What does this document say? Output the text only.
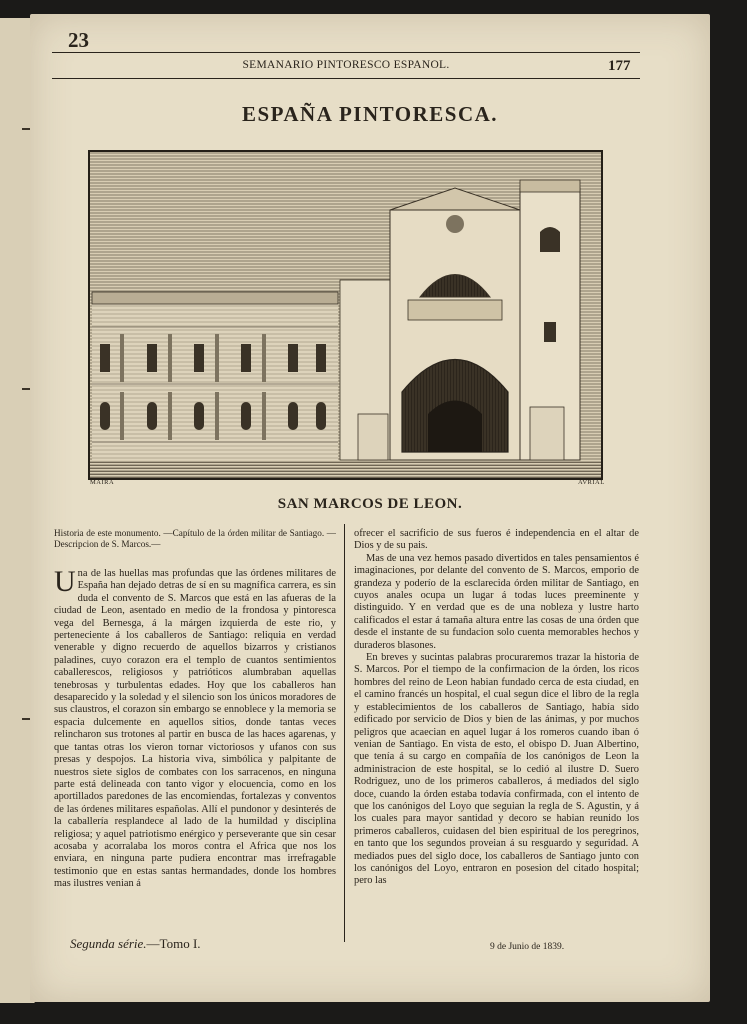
23
SEMANARIO PINTORESCO ESPANOL.	177
ESPAÑA PINTORESCA.
MAIRA	AVRIAL
SAN MARCOS DE LEON.

Historia de este monumento. —Capítulo de la órden militar de Santiago. —Descripcion de S. Marcos.—

Una de las huellas mas profundas que las órdenes militares de España han dejado detras de sí en su magnífica carrera, es sin duda el convento de S. Marcos que está en las afueras de la ciudad de Leon, asentado en medio de la frondosa y pintoresca vega del Bernesga, á la márgen izquierda de este rio, y perteneciente á los caballeros de Santiago: reliquia en verdad venerable y digno recuerdo de aquellos bizarros y cristianos paladines, cuyo corazon era el templo de cuantos sentimientos caballerescos, religiosos y patrióticos alumbraban aquellas tenebrosas y turbulentas edades. Hoy que los caballeros han desaparecido y la soledad y el silencio son los únicos moradores de sus claustros, el corazon sin embargo se ennoblece y la memoria se espacia dulcemente en aquellos sitios, donde tantas veces relincharon sus trotones al partir en busca de las haces agarenas, y que tantas otras los vieron tornar victoriosos y ufanos con sus presas y despojos. La historia viva, simbólica y palpitante de nuestros siete siglos de combates con los sarracenos, en ninguna parte está delineada con tanto vigor y elocuencia, como en los aportillados paredones de las encomiendas, fortalezas y conventos de las órdenes militares españolas. Allí el pundonor y desinterés de la caballería resplandece al lado de la humildad y disciplina religiosa; y aquel patriotismo enérgico y perseverante que sin cesar acosaba y acorralaba los moros contra el Africa que nos los enviara, en ninguna parte pudiera encontrar mas irrefragable testimonio que en estas santas hermandades, donde los hombres mas ilustres venian á

ofrecer el sacrificio de sus fueros é independencia en el altar de Dios y de su pais.

Mas de una vez hemos pasado divertidos en tales pensamientos é imaginaciones, por delante del convento de S. Marcos, emporio de grandeza y poderío de la esclarecida órden militar de Santiago, en cuyos anales ocupa un lugar á todas luces preeminente y distinguido. Y en verdad que es de una nobleza y lustre harto calificados el estar á tamaña altura entre las cosas de una órden que desde el instante de su fundacion solo cuenta memorables hechos y duraderos blasones.

En breves y sucintas palabras procuraremos trazar la historia de S. Marcos. Por el tiempo de la confirmacion de la órden, los ricos hombres del reino de Leon habian fundado cerca de esta ciudad, en el camino francés un hospital, el cual segun dice el libro de la regla y establecimientos de los caballeros de Santiago, había sido edificado por servicio de Dios y bien de las ánimas, y por muchos peligros que acaecian en aquel lugar á los romeros cuando iban ó venian de Santiago. En vista de esto, el obispo D. Juan Albertino, que tenía á su cargo en compañía de los canónigos de Leon la administracion de este hospital, se lo cedió al ilustre D. Suero Rodriguez, uno de los primeros caballeros, á mediados del siglo doce, cuando la órden estaba todavía confirmada, con el intento de que los canónigos del Loyo que seguian la regla de S. Agustin, y á los cuales para mayor santidad y decoro se habian reunido los primeros caballeros, cuidasen del bien espiritual de los peregrinos, en tanto que los segundos proveian á su resguardo y seguridad. A mediados pues del siglo doce, los caballeros de Santiago junto con los canónigos del Loyo, entraron en posesion del citado hospital; pero las

Segunda série.—Tomo I.	9 de Junio de 1839.
